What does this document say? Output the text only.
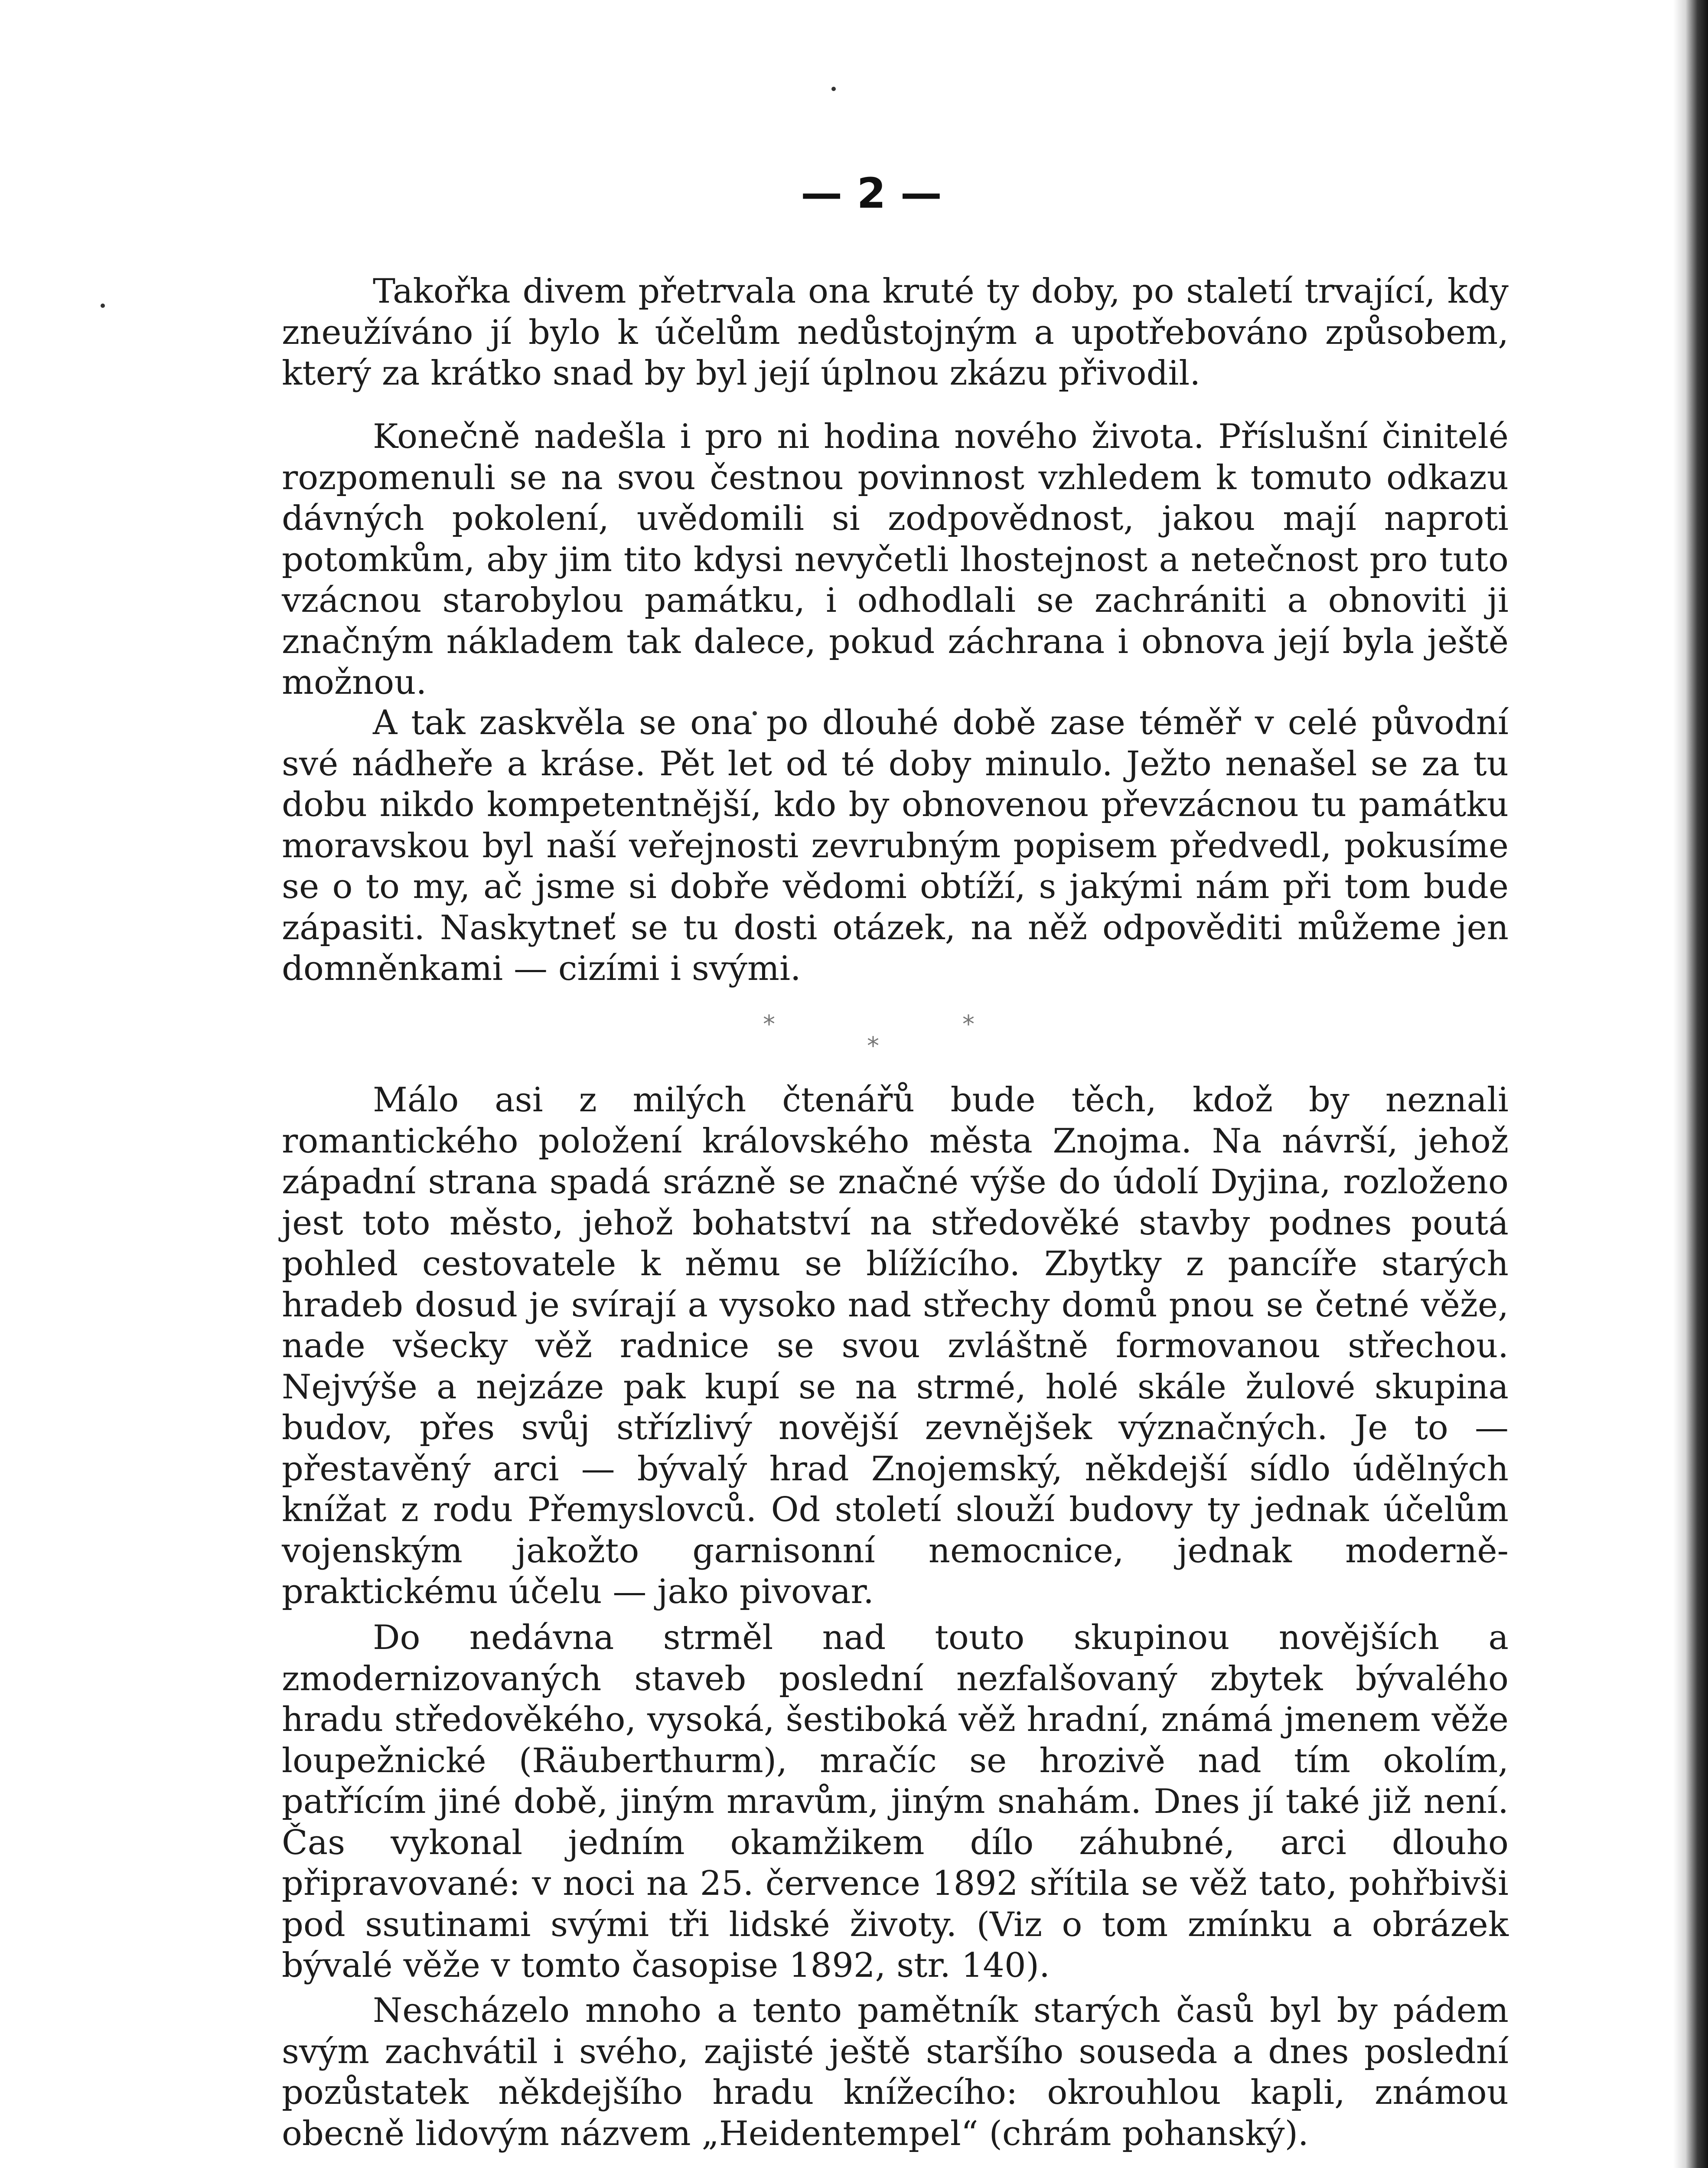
— 2 —

Takořka divem přetrvala ona kruté ty doby, po staletí trvající, kdy zneužíváno jí bylo k účelům nedůstojným a upotřebováno způsobem, který za krátko snad by byl její úplnou zkázu přivodil.

Konečně nadešla i pro ni hodina nového života. Příslušní činitelé rozpomenuli se na svou čestnou povinnost vzhledem k tomuto odkazu dávných pokolení, uvědomili si zodpovědnost, jakou mají naproti potomkům, aby jim tito kdysi nevyčetli lhostejnost a netečnost pro tuto vzácnou starobylou památku, i odhodlali se zachrániti a obnoviti ji značným nákladem tak dalece, pokud záchrana i obnova její byla ještě možnou.

A tak zaskvěla se ona po dlouhé době zase téměř v celé původní své nádheře a kráse. Pět let od té doby minulo. Ježto nenašel se za tu dobu nikdo kompetentnější, kdo by obnovenou převzácnou tu památku moravskou byl naší veřejnosti zevrubným popisem předvedl, pokusíme se o to my, ač jsme si dobře vědomi obtíží, s jakými nám při tom bude zápasiti. Naskytneť se tu dosti otázek, na něž odpověditi můžeme jen domněnkami — cizími i svými.

*	*
*

Málo asi z milých čtenářů bude těch, kdož by neznali romantického položení královského města Znojma. Na návrší, jehož západní strana spadá srázně se značné výše do údolí Dyjina, rozloženo jest toto město, jehož bohatství na středověké stavby podnes poutá pohled cestovatele k němu se blížícího. Zbytky z pancíře starých hradeb dosud je svírají a vysoko nad střechy domů pnou se četné věže, nade všecky věž radnice se svou zvláštně formovanou střechou. Nejvýše a nejzáze pak kupí se na strmé, holé skále žulové skupina budov, přes svůj střízlivý novější zevnějšek význačných. Je to — přestavěný arci — bývalý hrad Znojemský, někdejší sídlo údělných knížat z rodu Přemyslovců. Od století slouží budovy ty jednak účelům vojenským jakožto garnisonní nemocnice, jednak moderně-praktickému účelu — jako pivovar.

Do nedávna strměl nad touto skupinou novějších a zmodernizovaných staveb poslední nezfalšovaný zbytek bývalého hradu středověkého, vysoká, šestiboká věž hradní, známá jmenem věže loupežnické (Räuberthurm), mračíc se hrozivě nad tím okolím, patřícím jiné době, jiným mravům, jiným snahám. Dnes jí také již není. Čas vykonal jedním okamžikem dílo záhubné, arci dlouho připravované: v noci na 25. července 1892 sřítila se věž tato, pohřbivši pod ssutinami svými tři lidské životy. (Viz o tom zmínku a obrázek bývalé věže v tomto časopise 1892, str. 140).

Nescházelo mnoho a tento pamětník starých časů byl by pádem svým zachvátil i svého, zajisté ještě staršího souseda a dnes poslední pozůstatek někdejšího hradu knížecího: okrouhlou kapli, známou obecně lidovým názvem „Heidentempel“ (chrám pohanský).
